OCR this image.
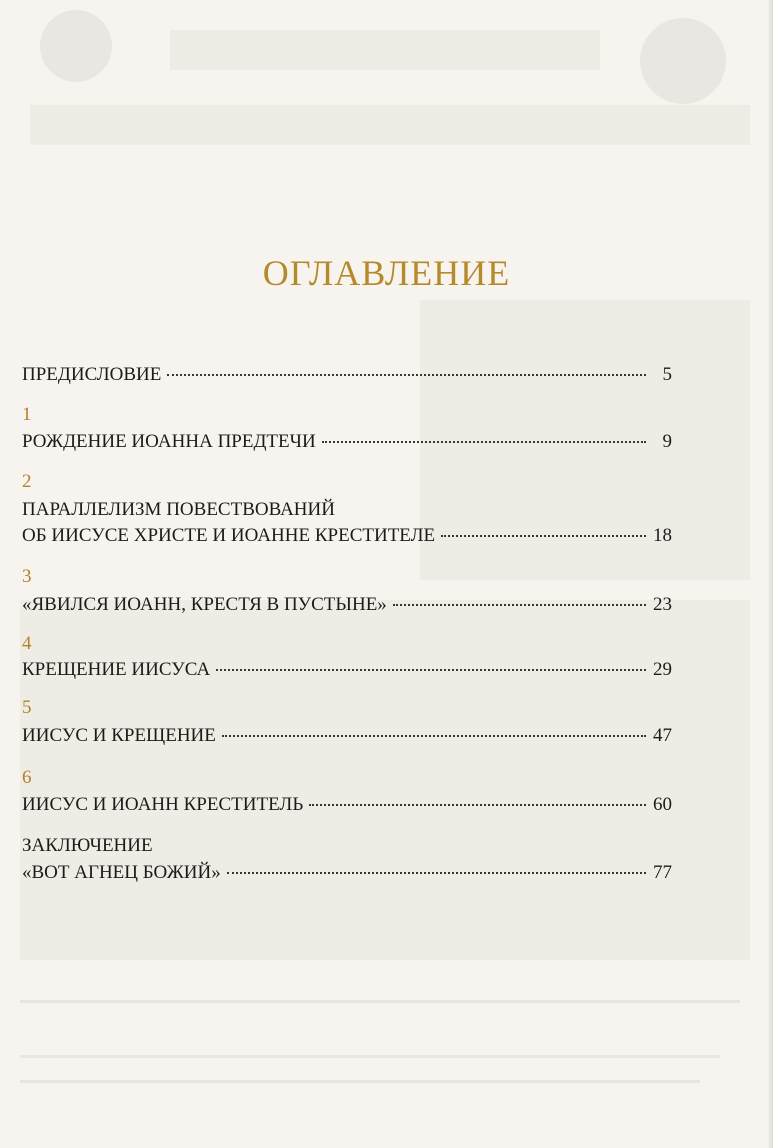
ОГЛАВЛЕНИЕ
ПРЕДИСЛОВИЕ	5
1
РОЖДЕНИЕ ИОАННА ПРЕДТЕЧИ	9
2
ПАРАЛЛЕЛИЗМ ПОВЕСТВОВАНИЙ
ОБ ИИСУСЕ ХРИСТЕ И ИОАННЕ КРЕСТИТЕЛЕ	18
3
«ЯВИЛСЯ ИОАНН, КРЕСТЯ В ПУСТЫНЕ»	23
4
КРЕЩЕНИЕ ИИСУСА	29
5
ИИСУС И КРЕЩЕНИЕ	47
6
ИИСУС И ИОАНН КРЕСТИТЕЛЬ	60
ЗАКЛЮЧЕНИЕ
«ВОТ АГНЕЦ БОЖИЙ»	77
